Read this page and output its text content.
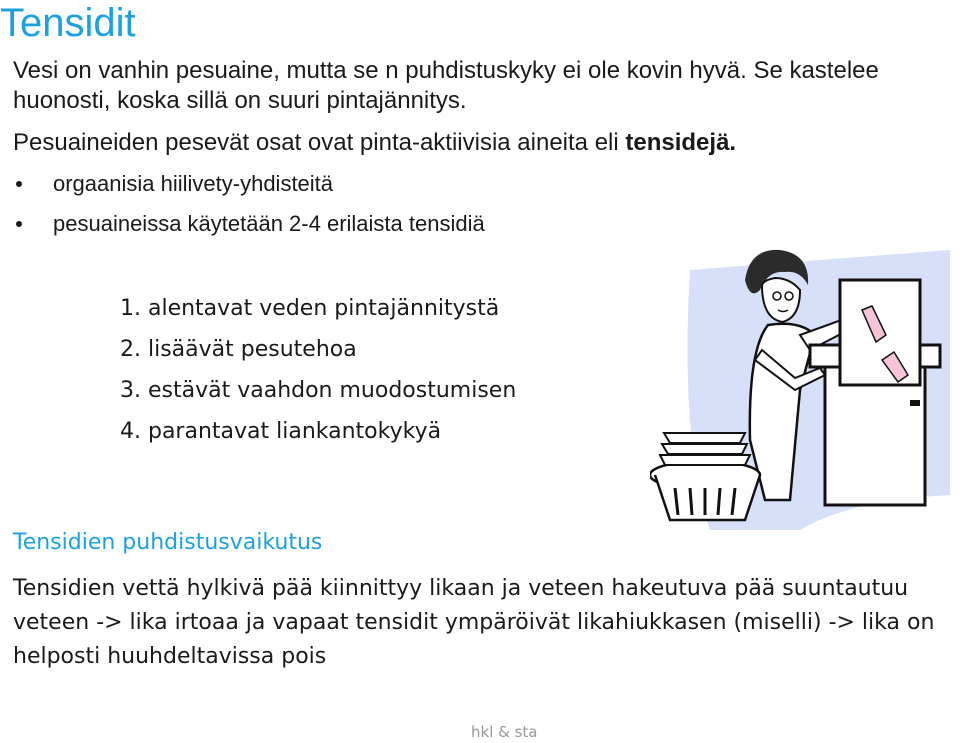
Tensidit
Vesi on vanhin pesuaine, mutta se n puhdistuskyky ei ole kovin hyvä. Se kastelee huonosti, koska sillä on suuri pintajännitys.
Pesuaineiden pesevät osat ovat pinta-aktiivisia aineita eli tensidejä.
orgaanisia hiilivety-yhdisteitä
pesuaineissa käytetään 2-4 erilaista tensidiä
1. alentavat veden pintajännitystä
2. lisäävät pesutehoa
3. estävät vaahdon muodostumisen
4. parantavat liankantokykyä
Tensidien puhdistusvaikutus
Tensidien vettä hylkivä pää kiinnittyy likaan ja veteen hakeutuva pää suuntautuu veteen -> lika irtoaa ja vapaat tensidit ympäröivät likahiukkasen (miselli) -> lika on helposti huuhdeltavissa pois
hkl & sta
